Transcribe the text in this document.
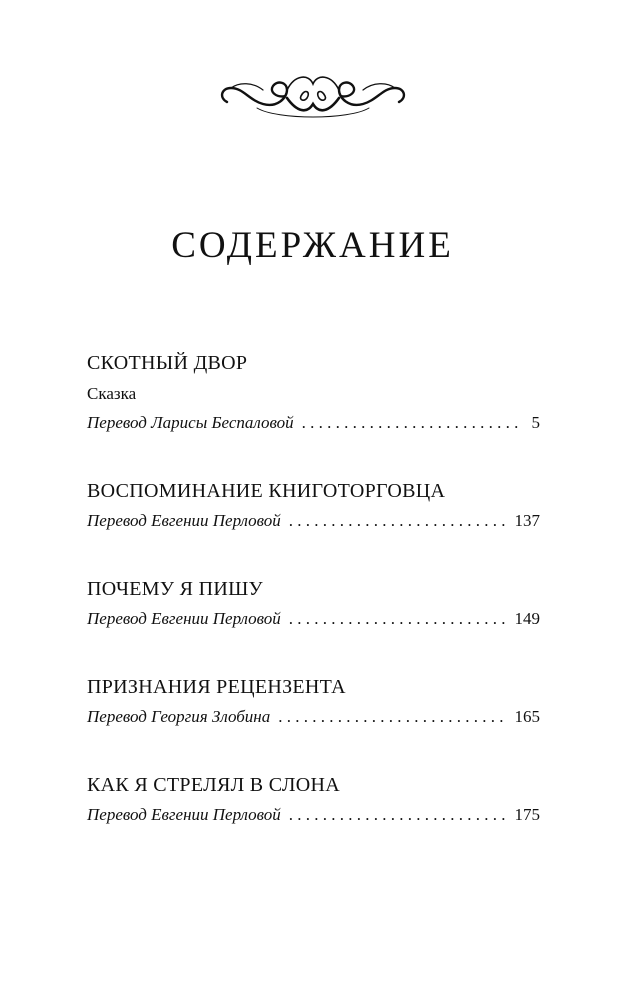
СОДЕРЖАНИЕ
СКОТНЫЙ ДВОР
Сказка
Перевод Ларисы Беспаловой . . .	5
ВОСПОМИНАНИЕ КНИГОТОРГОВЦА
Перевод Евгении Перловой . . .	137
ПОЧЕМУ Я ПИШУ
Перевод Евгении Перловой . . .	149
ПРИЗНАНИЯ РЕЦЕНЗЕНТА
Перевод Георгия Злобина . . .	165
КАК Я СТРЕЛЯЛ В СЛОНА
Перевод Евгении Перловой . . .	175
